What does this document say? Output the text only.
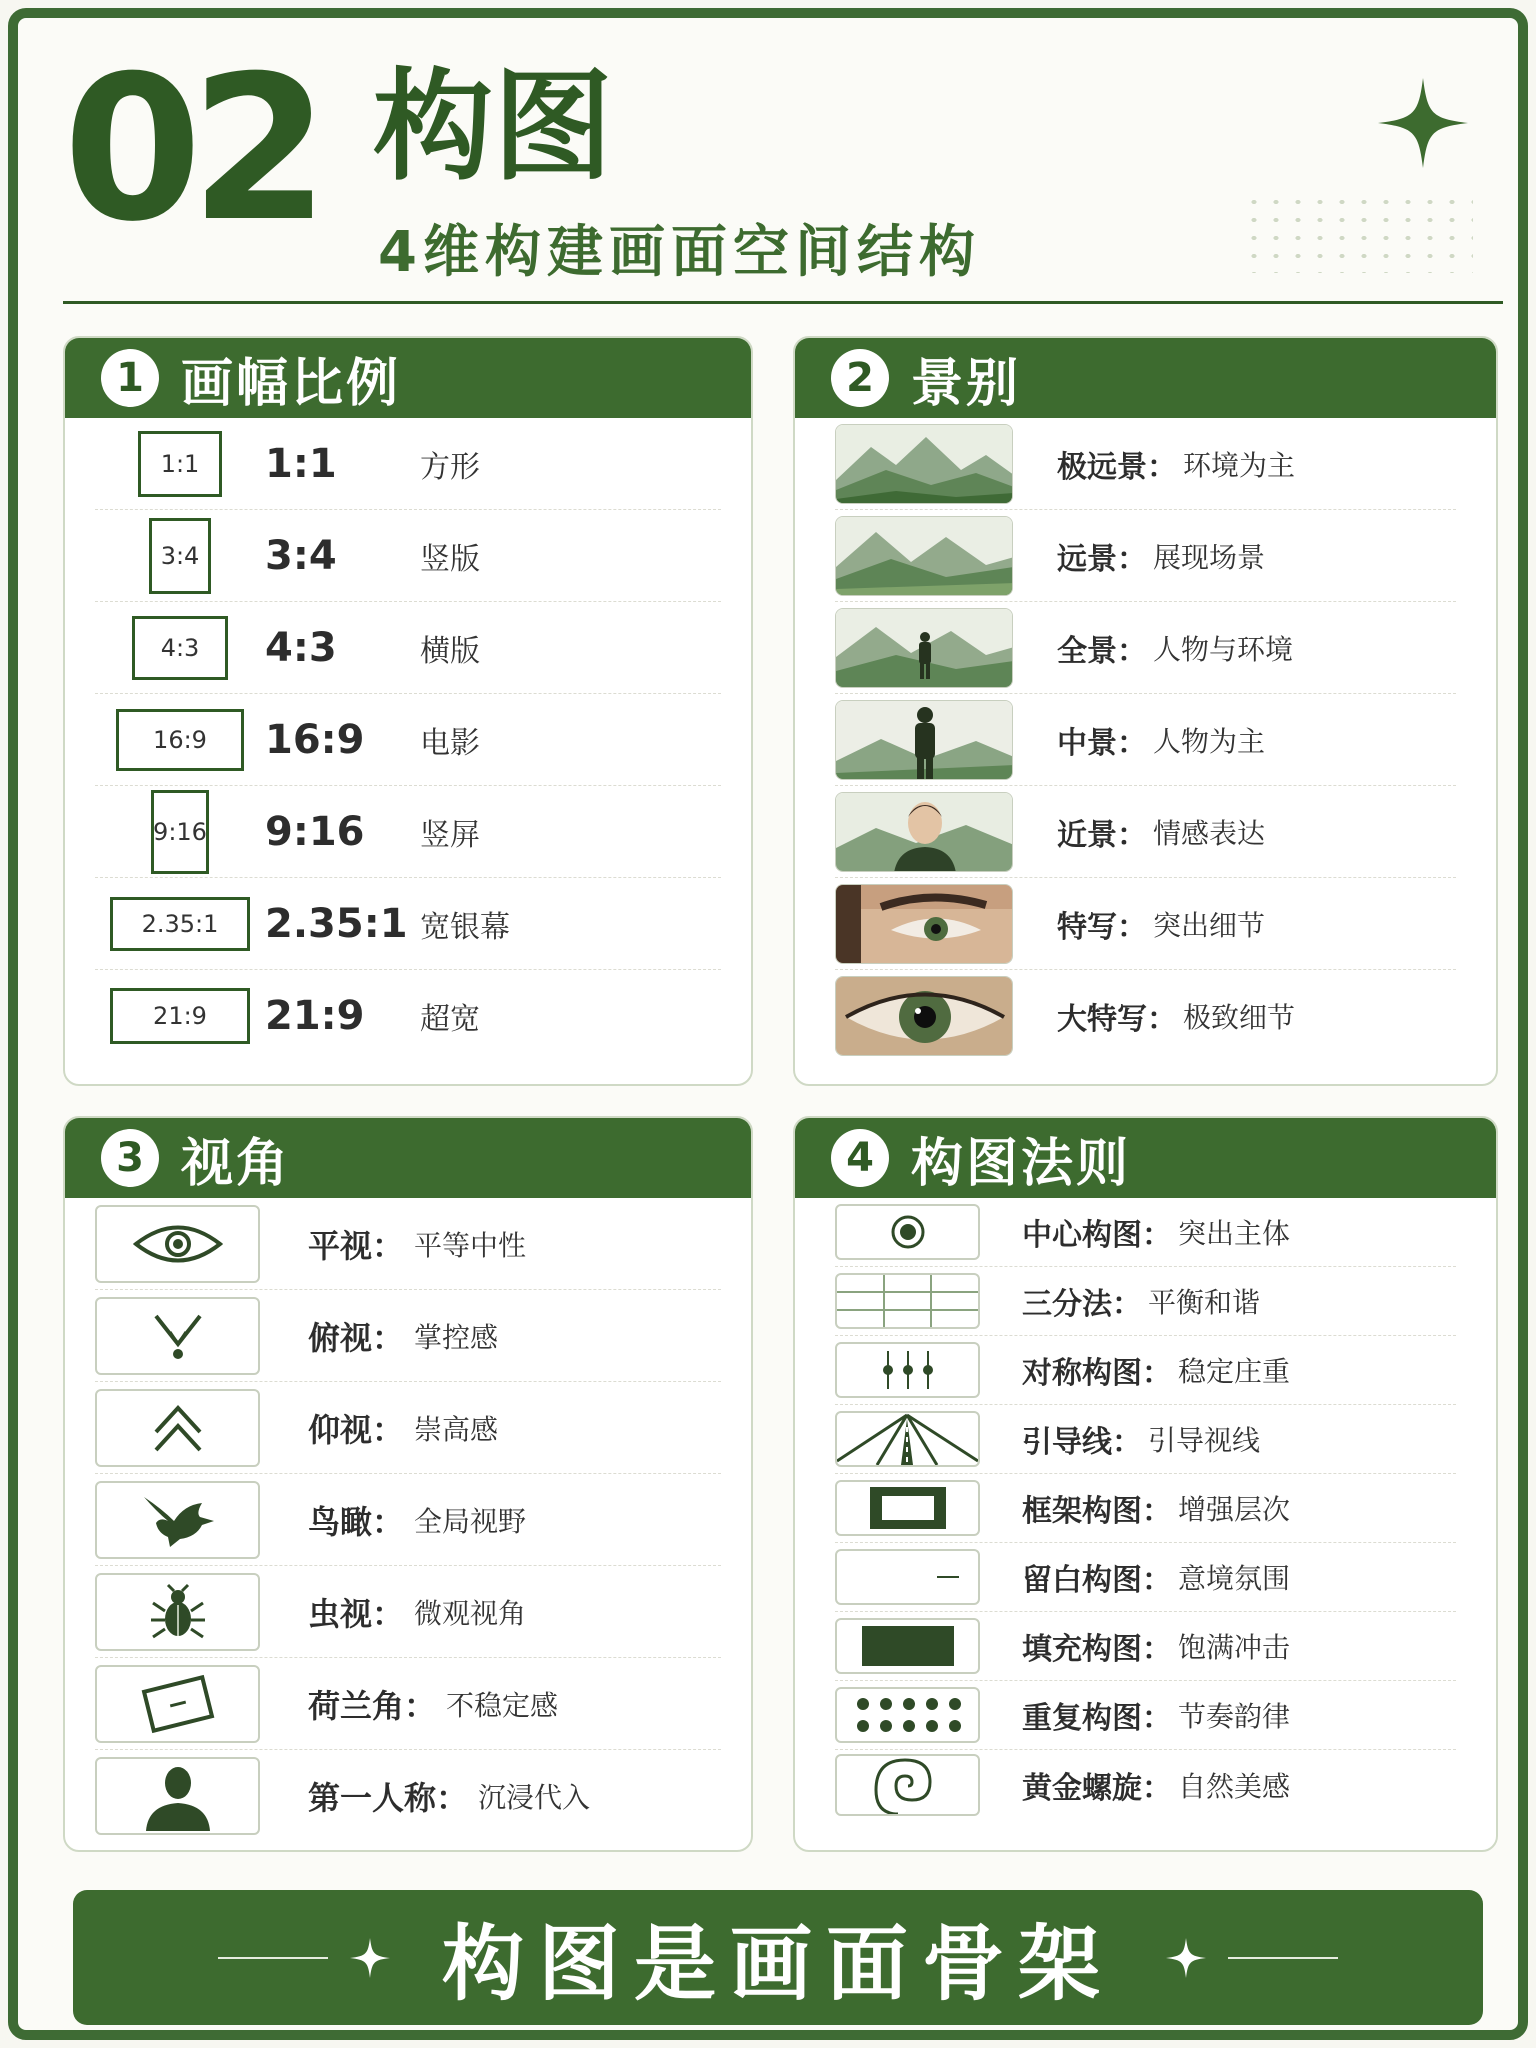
02 构图
4维构建画面空间结构
1 画幅比例
1:1	1:1	方形
3:4 3:4	竖版
4:3	4:3	横版
16:9	16:9	电影
9:16 9:16	竖屏
2.35:1	2.35:1 宽银幕
21:9	21:9	超宽
2 景别
极远景： 环境为主
远景： 展现场景
全景： 人物与环境
中景： 人物为主
近景： 情感表达
特写： 突出细节
大特写： 极致细节
3 视角
平视： 平等中性
俯视： 掌控感
仰视： 崇高感
鸟瞰： 全局视野
虫视： 微观视角
荷兰角： 不稳定感
第一人称： 沉浸代入
4 构图法则
中心构图： 突出主体
三分法： 平衡和谐
对称构图： 稳定庄重
引导线： 引导视线
框架构图： 增强层次
留白构图： 意境氛围
填充构图： 饱满冲击
重复构图： 节奏韵律
黄金螺旋： 自然美感
构图是画面骨架
